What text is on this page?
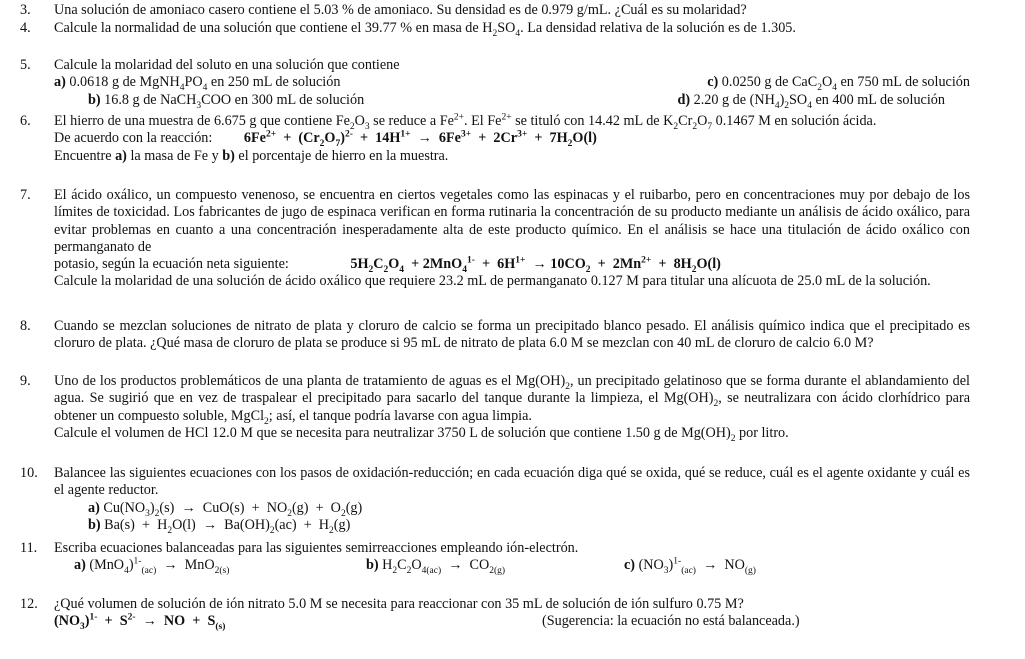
3. Una solución de amoniaco casero contiene el 5.03 % de amoniaco. Su densidad es de 0.979 g/mL. ¿Cuál es su molaridad?
4. Calcule la normalidad de una solución que contiene el 39.77 % en masa de $H_2SO_4$. La densidad relativa de la solución es de 1.305.
5. Calcule la molaridad del soluto en una solución que contiene
a) 0.0618 g de $MgNH_4PO_4$ en 250 mL de solución	c) 0.0250 g de $CaC_2O_4$ en 750 mL de solución
b) 16.8 g de NaCH$_3$COO en 300 mL de solución	d) 2.20 g de $(NH_4)_2SO_4$ en 400 mL de solución
6. El hierro de una muestra de 6.675 g que contiene $Fe_2O_3$ se reduce a $Fe^{2+}$. El $Fe^{2+}$ se tituló con 14.42 mL de $K_2Cr_2O_7$ 0.1467 M en solución ácida.
De acuerdo con la reacción: $6Fe^{2+} + (Cr_2O_7)^{2-} + 14H^{1+} \to 6Fe^{3+} + 2Cr^{3+} + 7H_2O(l)$
Encuentre a) la masa de Fe y b) el porcentaje de hierro en la muestra.
7. El ácido oxálico, un compuesto venenoso, se encuentra en ciertos vegetales como las espinacas y el ruibarbo, pero en concentraciones muy por debajo de los límites de toxicidad. Los fabricantes de jugo de espinaca verifican en forma rutinaria la concentración de su producto mediante un análisis de ácido oxálico, para evitar problemas en cuanto a una concentración inesperadamente alta de este producto químico. En el análisis se hace una titulación de ácido oxálico con permanganato de
potasio, según la ecuación neta siguiente:	$5H_2C_2O_4 + 2MnO_4^{1-} + 6H^{1+} \to 10CO_2 + 2Mn^{2+} + 8H_2O(l)$
Calcule la molaridad de una solución de ácido oxálico que requiere 23.2 mL de permanganato 0.127 M para titular una alícuota de 25.0 mL de la solución.
8. Cuando se mezclan soluciones de nitrato de plata y cloruro de calcio se forma un precipitado blanco pesado. El análisis químico indica que el precipitado es cloruro de plata. ¿Qué masa de cloruro de plata se produce si 95 mL de nitrato de plata 6.0 M se mezclan con 40 mL de cloruro de calcio 6.0 M?
9. Uno de los productos problemáticos de una planta de tratamiento de aguas es el $Mg(OH)_2$, un precipitado gelatinoso que se forma durante el ablandamiento del agua. Se sugirió que en vez de traspalear el precipitado para sacarlo del tanque durante la limpieza, el $Mg(OH)_2$, se neutralizara con ácido clorhídrico para obtener un compuesto soluble, MgCl$_2$; así, el tanque podría lavarse con agua limpia.
Calcule el volumen de HCl 12.0 M que se necesita para neutralizar 3750 L de solución que contiene 1.50 g de $Mg(OH)_2$ por litro.
10. Balancee las siguientes ecuaciones con los pasos de oxidación-reducción; en cada ecuación diga qué se oxida, qué se reduce, cuál es el agente oxidante y cuál es el agente reductor.
a) $Cu(NO_3)_2(s) \to CuO(s) + NO_2(g) + O_2(g)$
b) $Ba(s) + H_2O(l) \to Ba(OH)_2(ac) + H_2(g)$
11. Escriba ecuaciones balanceadas para las siguientes semirreacciones empleando ión-electrón.
a) $(MnO_4)^{1-}_{(ac)} \to MnO_{2(s)}$	b) $H_2C_2O_{4(ac)} \to CO_{2(g)}$	c) $(NO_3)^{1-}_{(ac)} \to NO_{(g)}$
12. ¿Qué volumen de solución de ión nitrato 5.0 M se necesita para reaccionar con 35 mL de solución de ión sulfuro 0.75 M?
$(NO_3)^{1-} + S^{2-}$ →  NO  +  $S_{(s)}$	(Sugerencia: la ecuación no está balanceada.)
